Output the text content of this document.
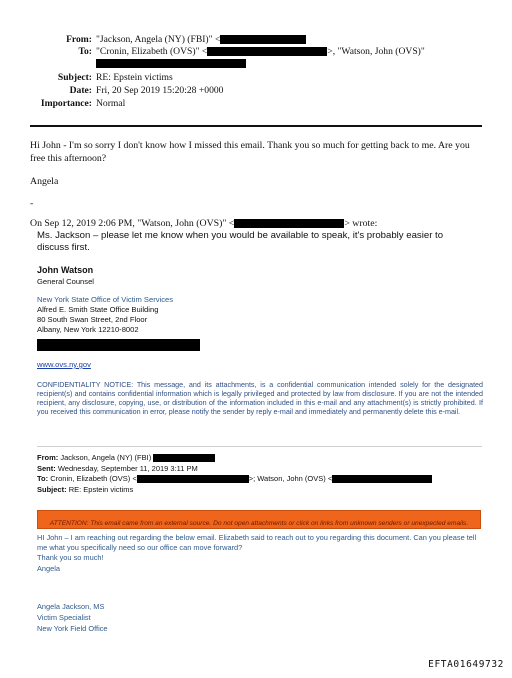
From: "Jackson, Angela (NY) (FBI)" <
To: "Cronin, Elizabeth (OVS)" <	>, "Watson, John (OVS)"
Subject: RE: Epstein victims
Date: Fri, 20 Sep 2019 15:20:28 +0000
Importance: Normal
Hi John - I'm so sorry I don't know how I missed this email. Thank you so much for getting back to me. Are you free this afternoon?
Angela
-
On Sep 12, 2019 2:06 PM, "Watson, John (OVS)" <	> wrote:
Ms. Jackson – please let me know when you would be available to speak, it's probably easier to discuss first.
John Watson
General Counsel
New York State Office of Victim Services
Alfred E. Smith State Office Building
80 South Swan Street, 2nd Floor
Albany, New York 12210-8002
www.ovs.ny.gov
CONFIDENTIALITY NOTICE: This message, and its attachments, is a confidential communication intended solely for the designated recipient(s) and contains confidential information which is legally privileged and protected by law from disclosure. If you are not the intended recipient, any disclosure, copying, use, or distribution of the information included in this e-mail and any attachment(s) is strictly prohibited. If you received this communication in error, please notify the sender by reply e-mail and immediately and permanently delete this e-mail.
From: Jackson, Angela (NY) (FBI)
Sent: Wednesday, September 11, 2019 3:11 PM
To: Cronin, Elizabeth (OVS) <	>; Watson, John (OVS) <
Subject: RE: Epstein victims
ATTENTION: This email came from an external source. Do not open attachments or click on links from unknown senders or unexpected emails.
HI John – I am reaching out regarding the below email. Elizabeth said to reach out to you regarding this document. Can you please tell me what you specifically need so our office can move forward?
Thank you so much!
Angela
Angela Jackson, MS
Victim Specialist
New York Field Office
EFTA01649732
